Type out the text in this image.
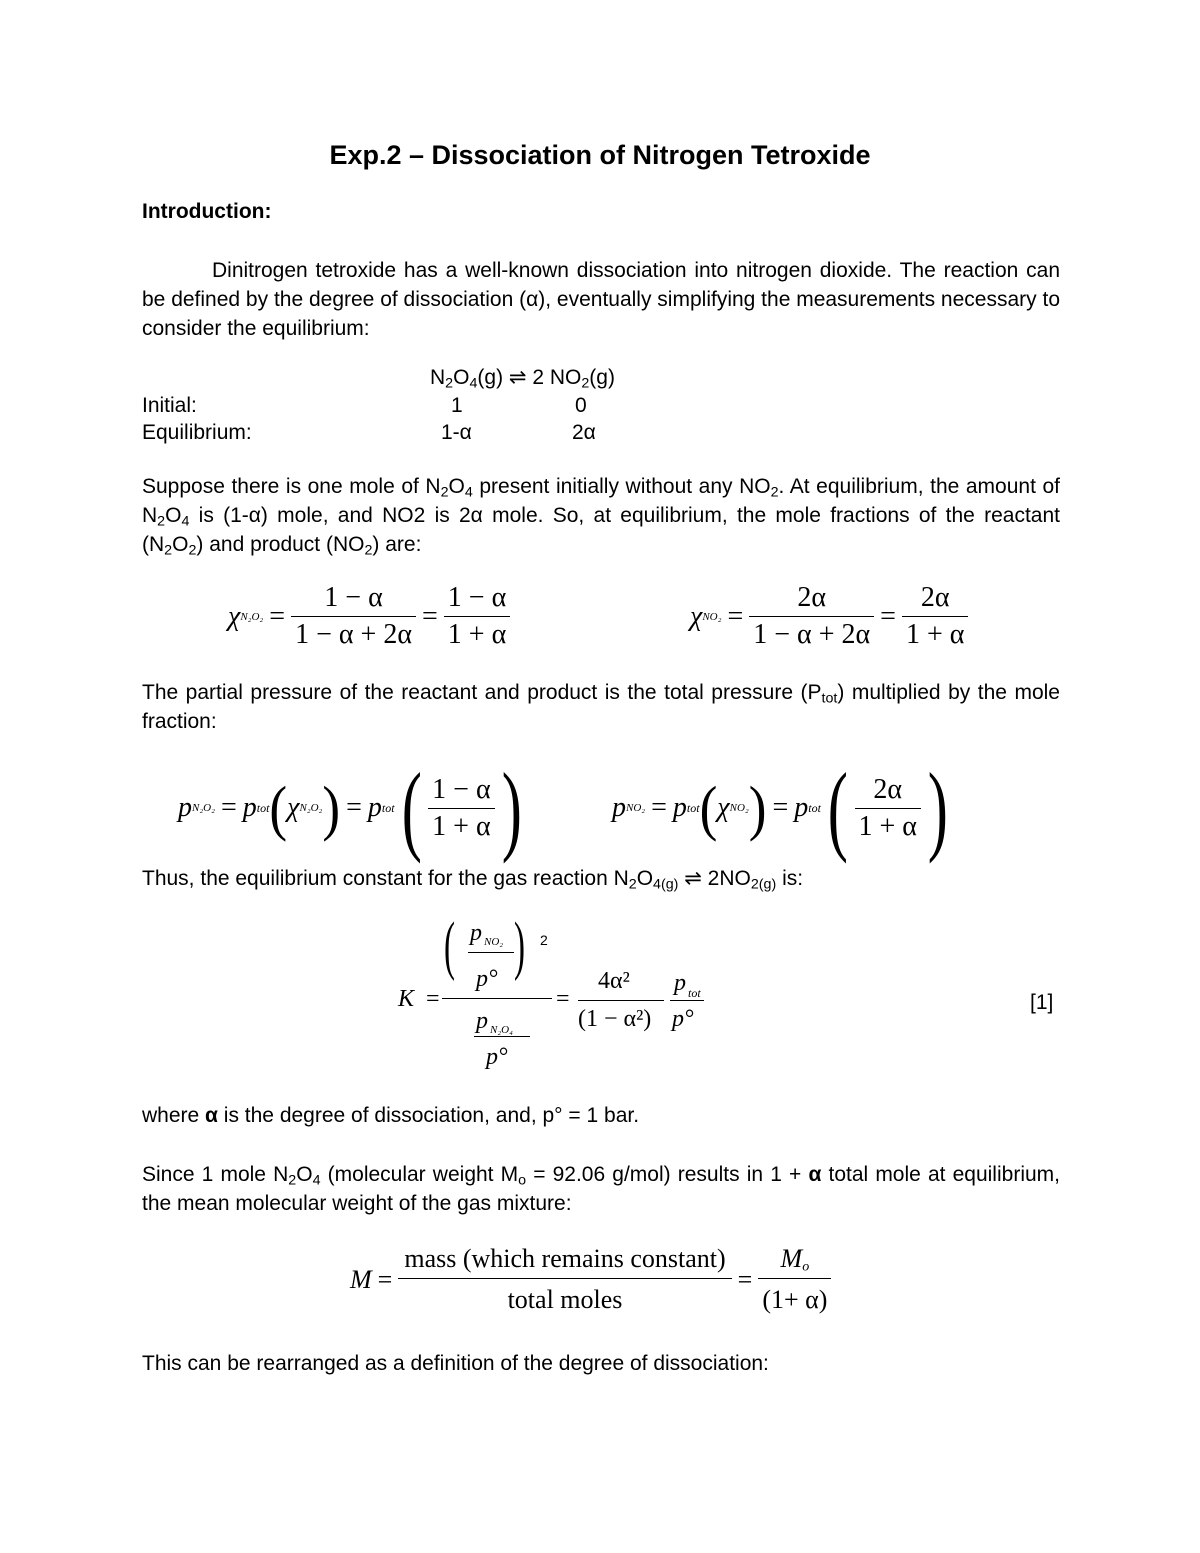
Exp.2 – Dissociation of Nitrogen Tetroxide
Introduction:
Dinitrogen tetroxide has a well-known dissociation into nitrogen dioxide. The reaction can be defined by the degree of dissociation (α), eventually simplifying the measurements necessary to consider the equilibrium:
$N_2O_4(g)$ ⇌ 2 $NO_2(g)$
Initial:	1	0
Equilibrium:	1-α	2α
Suppose there is one mole of $N_2O_4$ present initially without any $NO_2$. At equilibrium, the amount of $N_2O_4$ is (1-α) mole, and NO2 is 2α mole. So, at equilibrium, the mole fractions of the reactant $(N_2O_2)$ and product $(NO_2)$ are:
χ $N_2O_2 = \frac{1 - \alpha}{1 - \alpha + 2\alpha} = \frac{1 - \alpha}{1 + \alpha}$	χ $NO_2 = \frac{2\alpha}{1 - \alpha + 2\alpha} = \frac{2\alpha}{1 + \alpha}$
The partial pressure of the reactant and product is the total pressure $(P_{tot})$ multiplied by the mole fraction:
p N₂O₂ = p tot ( χ N₂O₂ ) = p tot ( $\frac{1 - \alpha}{1 + \alpha}$ )	p NO₂ = p tot ( χ NO₂ ) = p tot ( $\frac{2\alpha}{1 + \alpha}$ )
Thus, the equilibrium constant for the gas reaction $N_2O_{4(g)}$ ⇌ $2NO_{2(g)}$ is:
K =
( p NO₂
p° ) 2
p N₂O₄
p°
=
4α²
(1 − α²)
p tot
p°
[1]
where α is the degree of dissociation, and, p° = 1 bar.
Since 1 mole $N_2O_4$ (molecular weight $M_o = 92.06$ g/mol) results in 1 + α total mole at equilibrium, the mean molecular weight of the gas mixture:
$M = \frac{\text{mass (which remains constant)}}{\text{total moles}} = \frac{M_o}{(1+ \alpha)}$
This can be rearranged as a definition of the degree of dissociation:
